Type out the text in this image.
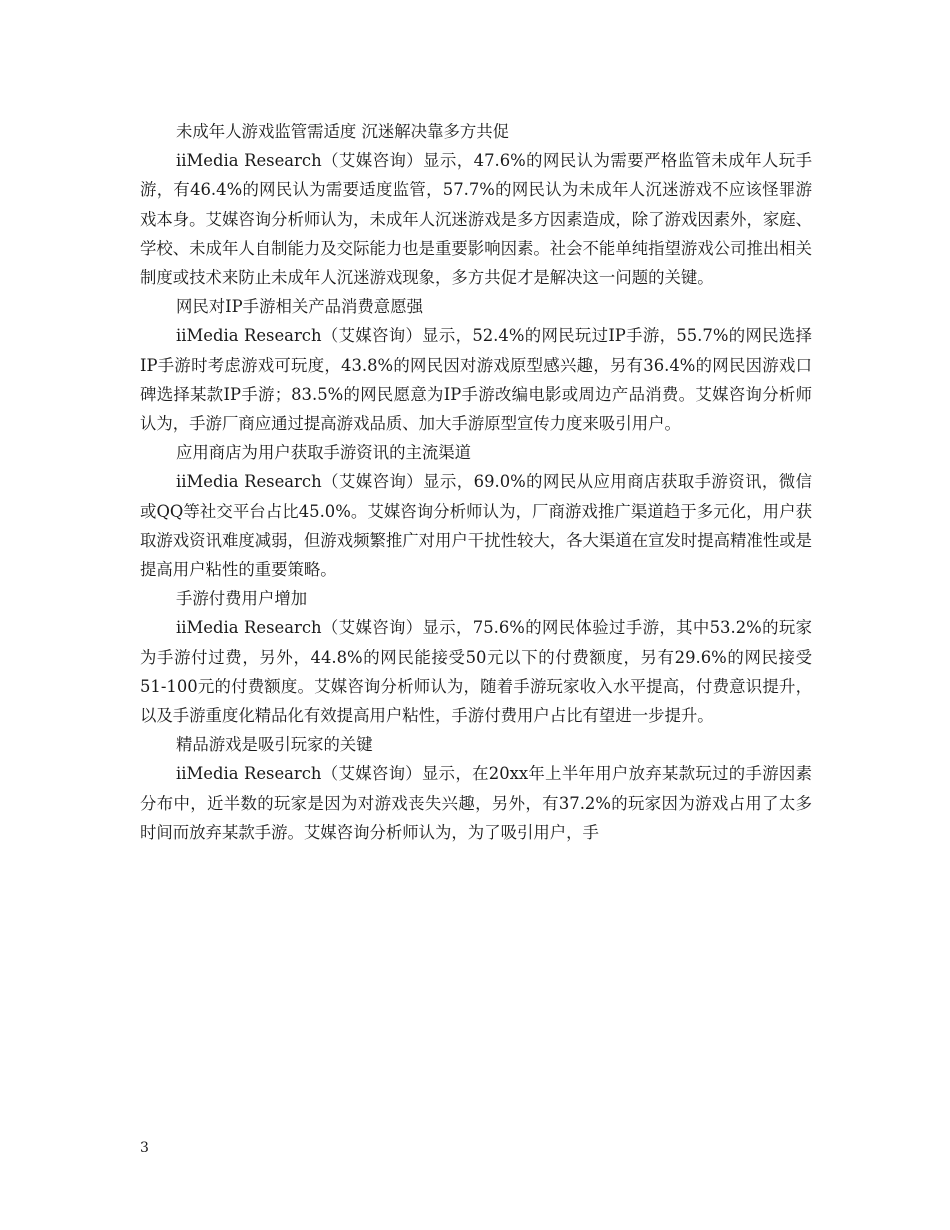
未成年人游戏监管需适度 沉迷解决靠多方共促

iiMedia Research（艾媒咨询）显示，47.6%的网民认为需要严格监管未成年人玩手游，有46.4%的网民认为需要适度监管，57.7%的网民认为未成年人沉迷游戏不应该怪罪游戏本身。艾媒咨询分析师认为，未成年人沉迷游戏是多方因素造成，除了游戏因素外，家庭、学校、未成年人自制能力及交际能力也是重要影响因素。社会不能单纯指望游戏公司推出相关制度或技术来防止未成年人沉迷游戏现象，多方共促才是解决这一问题的关键。

网民对IP手游相关产品消费意愿强

iiMedia Research（艾媒咨询）显示，52.4%的网民玩过IP手游，55.7%的网民选择IP手游时考虑游戏可玩度，43.8%的网民因对游戏原型感兴趣，另有36.4%的网民因游戏口碑选择某款IP手游；83.5%的网民愿意为IP手游改编电影或周边产品消费。艾媒咨询分析师认为，手游厂商应通过提高游戏品质、加大手游原型宣传力度来吸引用户。

应用商店为用户获取手游资讯的主流渠道

iiMedia Research（艾媒咨询）显示，69.0%的网民从应用商店获取手游资讯，微信或QQ等社交平台占比45.0%。艾媒咨询分析师认为，厂商游戏推广渠道趋于多元化，用户获取游戏资讯难度减弱，但游戏频繁推广对用户干扰性较大，各大渠道在宣发时提高精准性或是提高用户粘性的重要策略。

手游付费用户增加

iiMedia Research（艾媒咨询）显示，75.6%的网民体验过手游，其中53.2%的玩家为手游付过费，另外，44.8%的网民能接受50元以下的付费额度，另有29.6%的网民接受51-100元的付费额度。艾媒咨询分析师认为，随着手游玩家收入水平提高，付费意识提升，以及手游重度化精品化有效提高用户粘性，手游付费用户占比有望进一步提升。

精品游戏是吸引玩家的关键

iiMedia Research（艾媒咨询）显示，在20xx年上半年用户放弃某款玩过的手游因素分布中，近半数的玩家是因为对游戏丧失兴趣，另外，有37.2%的玩家因为游戏占用了太多时间而放弃某款手游。艾媒咨询分析师认为，为了吸引用户，手

3
